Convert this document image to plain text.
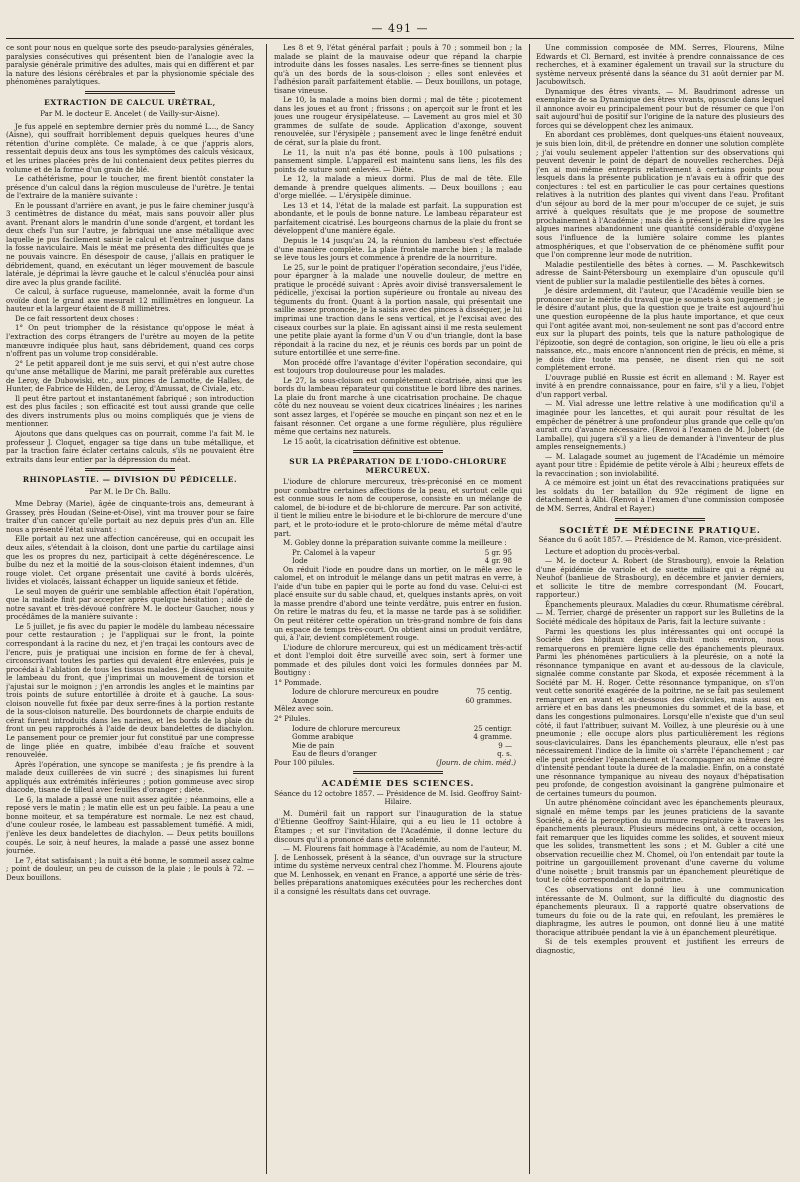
— 491 —

ce sont pour nous en quelque sorte des pseudo-paralysies générales, paralysies consécutives qui présentent bien de l'analogie avec la paralysie générale primitive des adultes, mais qui en diffèrent et par la nature des lésions cérébrales et par la physionomie spéciale des phénomènes paralytiques.

EXTRACTION DE CALCUL URÉTRAL,
Par M. le docteur E. Ancelet ( de Vailly-sur-Aisne).

Je fus appelé en septembre dernier près du nommé L..., de Sancy (Aisne), qui souffrait horriblement depuis quelques heures d'une rétention d'urine complète. Ce malade, à ce que j'appris alors, ressentait depuis deux ans tous les symptômes des calculs vésicaux, et les urines placées près de lui contenaient deux petites pierres du volume et de la forme d'un grain de blé.

Le cathétérisme, pour le toucher, me firent bientôt constater la présence d'un calcul dans la région musculeuse de l'urètre. Je tentai de l'extraire de la manière suivante :

En le poussant d'arrière en avant, je pus le faire cheminer jusqu'à 3 centimètres de distance du méat, mais sans pouvoir aller plus avant. Prenant alors le mandrin d'une sonde d'argent, et tordant les deux chefs l'un sur l'autre, je fabriquai une anse métallique avec laquelle je pus facilement saisir le calcul et l'entraîner jusque dans la fosse naviculaire. Mais le méat me présenta des difficultés que je ne pouvais vaincre. En désespoir de cause, j'allais en pratiquer le débridement, quand, en exécutant un léger mouvement de bascule latérale, je déprimai la lèvre gauche et le calcul s'énucléa pour ainsi dire avec la plus grande facilité.

Ce calcul, à surface rugueuse, mamelonnée, avait la forme d'un ovoïde dont le grand axe mesurait 12 millimètres en longueur. La hauteur et la largeur étaient de 8 millimètres.

De ce fait ressortent deux choses :

1° On peut triompher de la résistance qu'oppose le méat à l'extraction des corps étrangers de l'urètre au moyen de la petite manœuvre indiquée plus haut, sans débridement, quand ces corps n'offrent pas un volume trop considérable.

2° Le petit appareil dont je me suis servi, et qui n'est autre chose qu'une anse métallique de Marini, me paraît préférable aux curettes de Leroy, de Dubowiski, etc., aux pinces de Lamotte, de Halles, de Hunter, de Fabrice de Hilden, de Leroy, d'Amussat, de Civiale, etc.

Il peut être partout et instantanément fabriqué ; son introduction est des plus faciles ; son efficacité est tout aussi grande que celle des divers instruments plus ou moins compliqués que je viens de mentionner.

Ajoutons que dans quelques cas on pourrait, comme l'a fait M. le professeur J. Cloquet, engager sa tige dans un tube métallique, et par la traction faire éclater certains calculs, s'ils ne pouvaient être extraits dans leur entier par la dépression du méat.

RHINOPLASTIE. — DIVISION DU PÉDICELLE.
Par M. le Dr Ch. Ballu.

Mme Debray (Marie), âgée de cinquante-trois ans, demeurant à Grassey, près Houdan (Seine-et-Oise), vint ma trouver pour se faire traiter d'un cancer qu'elle portait au nez depuis près d'un an. Elle nous a présenté l'état suivant :

Elle portait au nez une affection cancéreuse, qui en occupait les deux ailes, s'étendait à la cloison, dont une partie du cartilage ainsi que les os propres du nez, participait à cette dégénérescence. Le bulbe du nez et la moitié de la sous-cloison étaient indemnes, d'un rouge violet. Cet organe présentait une cavité à bords ulcérés, livides et violacés, laissant échapper un liquide sanieux et fétide.

Le seul moyen de guérir une semblable affection était l'opération, que la malade finit par accepter après quelque hésitation ; aidé de notre savant et très-dévoué confrère M. le docteur Gaucher, nous y procédâmes de la manière suivante :

Le 5 juillet, je fis avec du papier le modèle du lambeau nécessaire pour cette restauration ; je l'appliquai sur le front, la pointe correspondant à la racine du nez, et j'en traçai les contours avec de l'encre, puis je pratiquai une incision en forme de fer à cheval, circonscrivant toutes les parties qui devaient être enlevées, puis je procédai à l'ablation de tous les tissus malades. Je disséquai ensuite le lambeau du front, que j'imprimai un mouvement de torsion et j'ajustai sur le moignon ; j'en arrondis les angles et le maintins par trois points de suture entortillée à droite et à gauche. La sous-cloison nouvelle fut fixée par deux serre-fines à la portion restante de la sous-cloison naturelle. Des bourdonnets de charpie enduits de cérat furent introduits dans les narines, et les bords de la plaie du front un peu rapprochés à l'aide de deux bandelettes de diachylon. Le pansement pour ce premier jour fut constitué par une compresse de linge pliée en quatre, imbibée d'eau fraîche et souvent renouvelée.

Après l'opération, une syncope se manifesta ; je fis prendre à la malade deux cuillerées de vin sucré ; des sinapismes lui furent appliqués aux extrémités inférieures ; potion gommeuse avec sirop diacode, tisane de tilleul avec feuilles d'oranger ; diète.

Le 6, la malade a passé une nuit assez agitée ; néanmoins, elle a reposé vers le matin ; le matin elle est un peu faible. La peau a une bonne moiteur, et sa température est normale. Le nez est chaud, d'une couleur rosée, le lambeau est passablement tuméfié. A midi, j'enlève les deux bandelettes de diachylon. — Deux petits bouillons coupés. Le soir, à neuf heures, la malade a passé une assez bonne journée.

Le 7, état satisfaisant ; la nuit a été bonne, le sommeil assez calme ; point de douleur, un peu de cuisson de la plaie ; le pouls à 72. — Deux bouillons.

Les 8 et 9, l'état général parfait ; pouls à 70 ; sommeil bon ; la malade se plaint de la mauvaise odeur que répand la charpie introduite dans les fosses nasales. Les serre-fines se tiennent plus qu'à un des bords de la sous-cloison ; elles sont enlevées et l'adhésion paraît parfaitement établie. — Deux bouillons, un potage, tisane vineuse.

Le 10, la malade a moins bien dormi ; mal de tête ; picotement dans les joues et au front ; frissons ; on aperçoit sur le front et les joues une rougeur érysipélateuse. — Lavement au gros miel et 30 grammes de sulfate de soude. Application d'axonge, souvent renouvelée, sur l'érysipèle ; pansement avec le linge fenêtré enduit de cérat, sur la plaie du front.

Le 11, la nuit n'a pas été bonne, pouls à 100 pulsations ; pansement simple. L'appareil est maintenu sans liens, les fils des points de suture sont enlevés. — Diète.

Le 12, la malade a mieux dormi. Plus de mal de tête. Elle demande à prendre quelques aliments. — Deux bouillons ; eau d'orge miellée. — L'érysipèle diminue.

Les 13 et 14, l'état de la malade est parfait. La suppuration est abondante, et le pouls de bonne nature. Le lambeau réparateur est parfaitement cicatrisé. Les bourgeons charnus de la plaie du front se développent d'une manière égale.

Depuis le 14 jusqu'au 24, la réunion du lambeau s'est effectuée d'une manière complète. La plaie frontale marche bien ; la malade se lève tous les jours et commence à prendre de la nourriture.

Le 25, sur le point de pratiquer l'opération secondaire, j'eus l'idée, pour épargner à la malade une nouvelle douleur, de mettre en pratique le procédé suivant : Après avoir divisé transversalement le pédicelle, j'excisai la portion supérieure ou frontale au niveau des téguments du front. Quant à la portion nasale, qui présentait une saillie assez prononcée, je la saisis avec des pinces à disséquer, je lui imprimai une traction dans le sens vertical, et je l'excisai avec des ciseaux courbes sur la plaie. En agissant ainsi il me resta seulement une petite plaie ayant la forme d'un V ou d'un triangle, dont la base répondait à la racine du nez, et je réunis ces bords par un point de suture entortillée et une serre-fine.

Mon procédé offre l'avantage d'éviter l'opération secondaire, qui est toujours trop douloureuse pour les malades.

Le 27, la sous-cloison est complétement cicatrisée, ainsi que les bords du lambeau réparateur qui constitue le bord libre des narines. La plaie du front marche à une cicatrisation prochaine. De chaque côté du nez nouveau se voient deux cicatrices linéaires ; les narines sont assez larges, et l'opérée se mouche en pinçant son nez et en le faisant résonner. Cet organe a une forme régulière, plus régulière même que certains nez naturels.

Le 15 août, la cicatrisation définitive est obtenue.

SUR LA PRÉPARATION DE L'IODO-CHLORURE MERCUREUX.

L'iodure de chlorure mercureux, très-préconisé en ce moment pour combattre certaines affections de la peau, et surtout celle qui est connue sous le nom de couperose, consiste en un mélange de calomel, de bi-iodure et de bi-chlorure de mercure. Par son activité, il tient le milieu entre le bi-iodure et le bi-chlorure de mercure d'une part, et le proto-iodure et le proto-chlorure de même métal d'autre part.

M. Gobley donne la préparation suivante comme la meilleure :

Pr. Calomel à la vapeur	5 gr. 95
Iode	4 gr. 98

On réduit l'iode en poudre dans un mortier, on le mêle avec le calomel, et on introduit le mélange dans un petit matras en verre, à l'aide d'un tube en papier qui le porte au fond du vase. Celui-ci est placé ensuite sur du sable chaud, et, quelques instants après, on voit la masse prendre d'abord une teinte verdâtre, puis entrer en fusion. On retire le matras du feu, et la masse ne tarde pas à se solidifier. On peut réitérer cette opération un très-grand nombre de fois dans un espace de temps très-court. On obtient ainsi un produit verdâtre, qui, à l'air, devient complétement rouge.

L'iodure de chlorure mercureux, qui est un médicament très-actif et dont l'emploi doit être surveillé avec soin, sert à former une pommade et des pilules dont voici les formules données par M. Boutigny :

1° Pommade.

Iodure de chlorure mercureux en poudre	75 centig.
Axonge	60 grammes.

Mêlez avec soin.

2° Pilules.

Iodure de chlorure mercureux	25 centigr.
Gomme arabique	4 gramme.
Mie de pain	9 —
Eau de fleurs d'oranger	q. s.
Pour 100 pilules.	(Journ. de chim. méd.)
ACADÉMIE DES SCIENCES.
Séance du 12 octobre 1857. — Présidence de M. Isid. Geoffroy Saint-Hilaire.

M. Duméril fait un rapport sur l'inauguration de la statue d'Étienne Geoffroy Saint-Hilaire, qui a eu lieu le 11 octobre à Étampes ; et sur l'invitation de l'Académie, il donne lecture du discours qu'il a prononcé dans cette solennité.

— M. Flourens fait hommage à l'Académie, au nom de l'auteur, M. J. de Lenhossek, présent à la séance, d'un ouvrage sur la structure intime du système nerveux central chez l'homme. M. Flourens ajoute que M. Lenhossek, en venant en France, a apporté une série de très-belles préparations anatomiques exécutées pour les recherches dont il a consigné les résultats dans cet ouvrage.

Une commission composée de MM. Serres, Flourens, Milne Edwards et Cl. Bernard, est invitée à prendre connaissance de ces recherches, et à examiner également un travail sur la structure du système nerveux présenté dans la séance du 31 août dernier par M. Jacubowitsch.

Dynamique des êtres vivants. — M. Baudrimont adresse un exemplaire de sa Dynamique des êtres vivants, opuscule dans lequel il annonce avoir eu principalement pour but de résumer ce que l'on sait aujourd'hui de positif sur l'origine de la nature des plusieurs des forces qui se développent chez les animaux.

En abordant ces problèmes, dont quelques-uns étaient nouveaux, je suis bien loin, dit-il, de prétendre en donner une solution complète ; j'ai voulu seulement appeler l'attention sur des observations qui peuvent devenir le point de départ de nouvelles recherches. Déjà j'en ai moi-même entrepris relativement à certains points pour lesquels dans la présente publication je n'avais eu à offrir que des conjectures : tel est en particulier le cas pour certaines questions relatives à la nutrition des plantes qui vivent dans l'eau. Profitant d'un séjour au bord de la mer pour m'occuper de ce sujet, je suis arrivé à quelques résultats que je me propose de soumettre prochainement à l'Académie ; mais dès à présent je puis dire que les algues marines abandonnent une quantité considérable d'oxygène sous l'influence de la lumière solaire comme les plantes atmosphériques, et que l'observation de ce phénomène suffit pour que l'on comprenne leur mode de nutrition.

Maladie pestilentielle des bêtes à cornes. — M. Paschkewitsch adresse de Saint-Pétersbourg un exemplaire d'un opuscule qu'il vient de publier sur la maladie pestilentielle des bêtes à cornes.

Je désire ardemment, dit l'auteur, que l'Académie veuille bien se prononcer sur le mérite du travail que je soumets à son jugement ; je le désire d'autant plus, que la question que je traite est aujourd'hui une question européenne de la plus haute importance, et que ceux qui l'ont agitée avant moi, non-seulement ne sont pas d'accord entre eux sur la plupart des points, tels que la nature pathologique de l'épizootie, son degré de contagion, son origine, le lieu où elle a pris naissance, etc., mais encore n'annoncent rien de précis, en même, si je dois dire toute ma pensée, ne disent rien qui ne soit complétement erroné.

L'ouvrage publié en Russie est écrit en allemand : M. Rayer est invité à en prendre connaissance, pour en faire, s'il y a lieu, l'objet d'un rapport verbal.

— M. Vial adresse une lettre relative à une modification qu'il a imaginée pour les lancettes, et qui aurait pour résultat de les empêcher de pénétrer à une profondeur plus grande que celle qu'on aurait cru d'avance nécessaire. (Renvoi à l'examen de M. Jobert (de Lamballe), qui jugera s'il y a lieu de demander à l'inventeur de plus amples renseignements.)

— M. Lalagade soumet au jugement de l'Académie un mémoire ayant pour titre : Épidémie de petite vérole à Albi ; heureux effets de la revaccination ; son inviolabilité.

A ce mémoire est joint un état des revaccinations pratiquées sur les soldats du 1er bataillon du 92e régiment de ligne en détachement à Albi. (Renvoi à l'examen d'une commission composée de MM. Serres, Andral et Rayer.)

SOCIÉTÉ DE MÉDECINE PRATIQUE.
Séance du 6 août 1857. — Présidence de M. Ramon, vice-président.

Lecture et adoption du procès-verbal.

— M. le docteur A. Robert (de Strasbourg), envoie la Relation d'une épidémie de variole et de suette miliaire qui a régné au Neuhof (banlieue de Strasbourg), en décembre et janvier derniers, et sollicite le titre de membre correspondant (M. Foucart, rapporteur.)

Épanchements pleuraux. Maladies du cœur. Rhumatisme cérébral. — M. Terrier, chargé de présenter un rapport sur les Bulletins de la Société médicale des hôpitaux de Paris, fait la lecture suivante :

Parmi les questions les plus intéressantes qui ont occupé la Société des hôpitaux depuis dix-huit mois environ, nous remarquerons en première ligne celle des épanchements pleuraux. Parmi les phénomènes particuliers à la pleurésie, on a noté la résonnance tympanique en avant et au-dessous de la clavicule, signalée comme constante par Skoda, et exposée récemment à la Société par M. H. Roger. Cette résonnance tympanique, on s'l'on veut cette sonorité exagérée de la poitrine, ne se fait pas seulement remarquer en avant et au-dessous des clavicules, mais aussi en arrière et en bas dans les pneumonies du sommet et de la base, et dans les congestions pulmonaires. Lorsqu'elle n'existe que d'un seul côté, il faut l'attribuer, suivant M. Voillez, à une pleurésie ou à une pneumonie ; elle occupe alors plus particulièrement les régions sous-claviculaires. Dans les épanchements pleuraux, elle n'est pas nécessairement l'indice de la limite où s'arrête l'épanchement ; car elle peut précéder l'épanchement et l'accompagner au même degré d'intensité pendant toute la durée de la maladie. Enfin, on a constaté une résonnance tympanique au niveau des noyaux d'hépatisation peu profonde, de congestion avoisinant la gangrène pulmonaire et de certaines tumeurs du poumon.

Un autre phénomène coïncidant avec les épanchements pleuraux, signalé en même temps par les jeunes praticiens de la savante Société, a été la perception du murmure respiratoire à travers les épanchements pleuraux. Plusieurs médecins ont, à cette occasion, fait remarquer que les liquides comme les solides, et souvent mieux que les solides, transmettent les sons ; et M. Gubler a cité une observation recueillie chez M. Chomel, où l'on entendait par toute la poitrine un gargouillement provenant d'une caverne du volume d'une noisette ; bruit transmis par un épanchement pleurétique de tout le côté correspondant de la poitrine.

Ces observations ont donné lieu à une communication intéressante de M. Oulmont, sur la difficulté du diagnostic des épanchements pleuraux. Il a rapporté quatre observations de tumeurs du foie ou de la rate qui, en refoulant, les premières le diaphragme, les autres le poumon, ont donné lieu à une matité thoracique attribuée pendant la vie à un épanchement pleurétique.

Si de tels exemples prouvent et justifient les erreurs de diagnostic,
